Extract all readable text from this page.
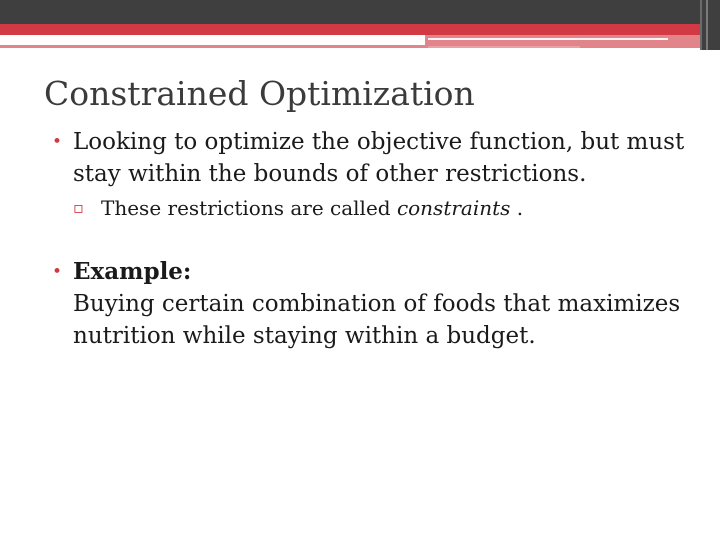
Constrained Optimization
• Looking to optimize the objective function, but must stay within the bounds of other restrictions.
▫ These restrictions are called constraints .
• Example:
Buying certain combination of foods that maximizes nutrition while staying within a budget.
